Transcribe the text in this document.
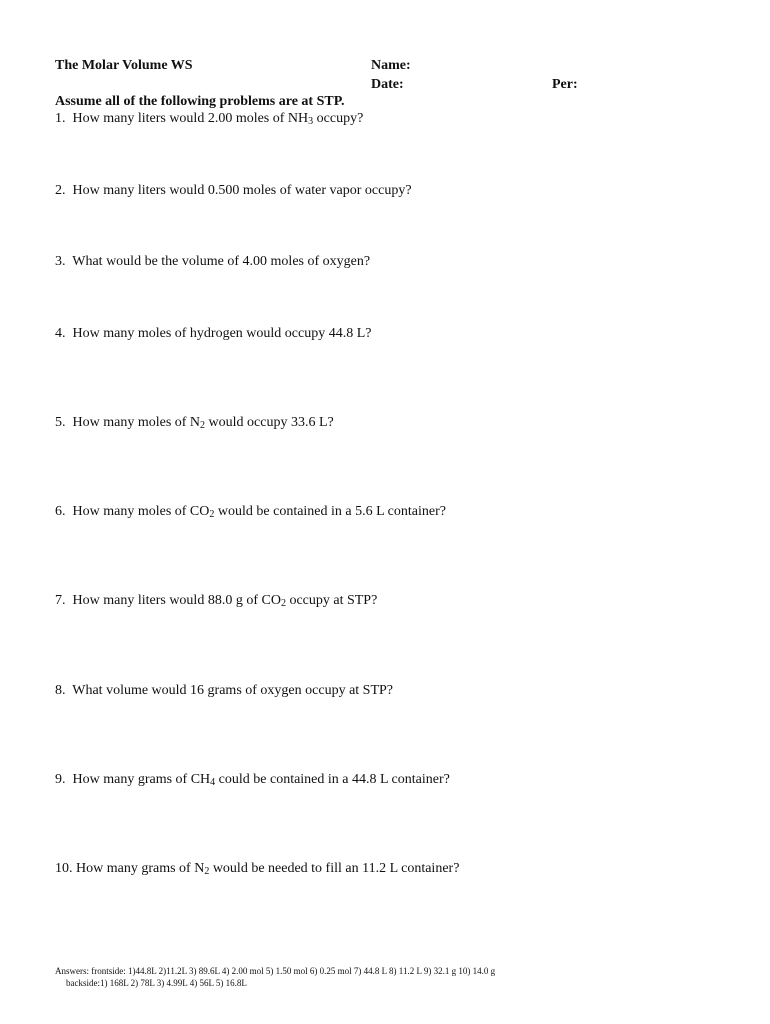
The Molar Volume WS	Name:
Date:	Per:
Assume all of the following problems are at STP.
1. How many liters would 2.00 moles of $NH_3$ occupy?
2. How many liters would 0.500 moles of water vapor occupy?
3. What would be the volume of 4.00 moles of oxygen?
4. How many moles of hydrogen would occupy 44.8 L?
5. How many moles of $N_2$ would occupy 33.6 L?
6. How many moles of $CO_2$ would be contained in a 5.6 L container?
7. How many liters would 88.0 g of $CO_2$ occupy at STP?
8. What volume would 16 grams of oxygen occupy at STP?
9. How many grams of $CH_4$ could be contained in a 44.8 L container?
10. How many grams of $N_2$ would be needed to fill an 11.2 L container?
Answers: frontside: 1)44.8L 2)11.2L 3) 89.6L 4) 2.00 mol 5) 1.50 mol 6) 0.25 mol 7) 44.8 L 8) 11.2 L 9) 32.1 g 10) 14.0 g
backside:1) 168L 2) 78L 3) 4.99L 4) 56L 5) 16.8L
